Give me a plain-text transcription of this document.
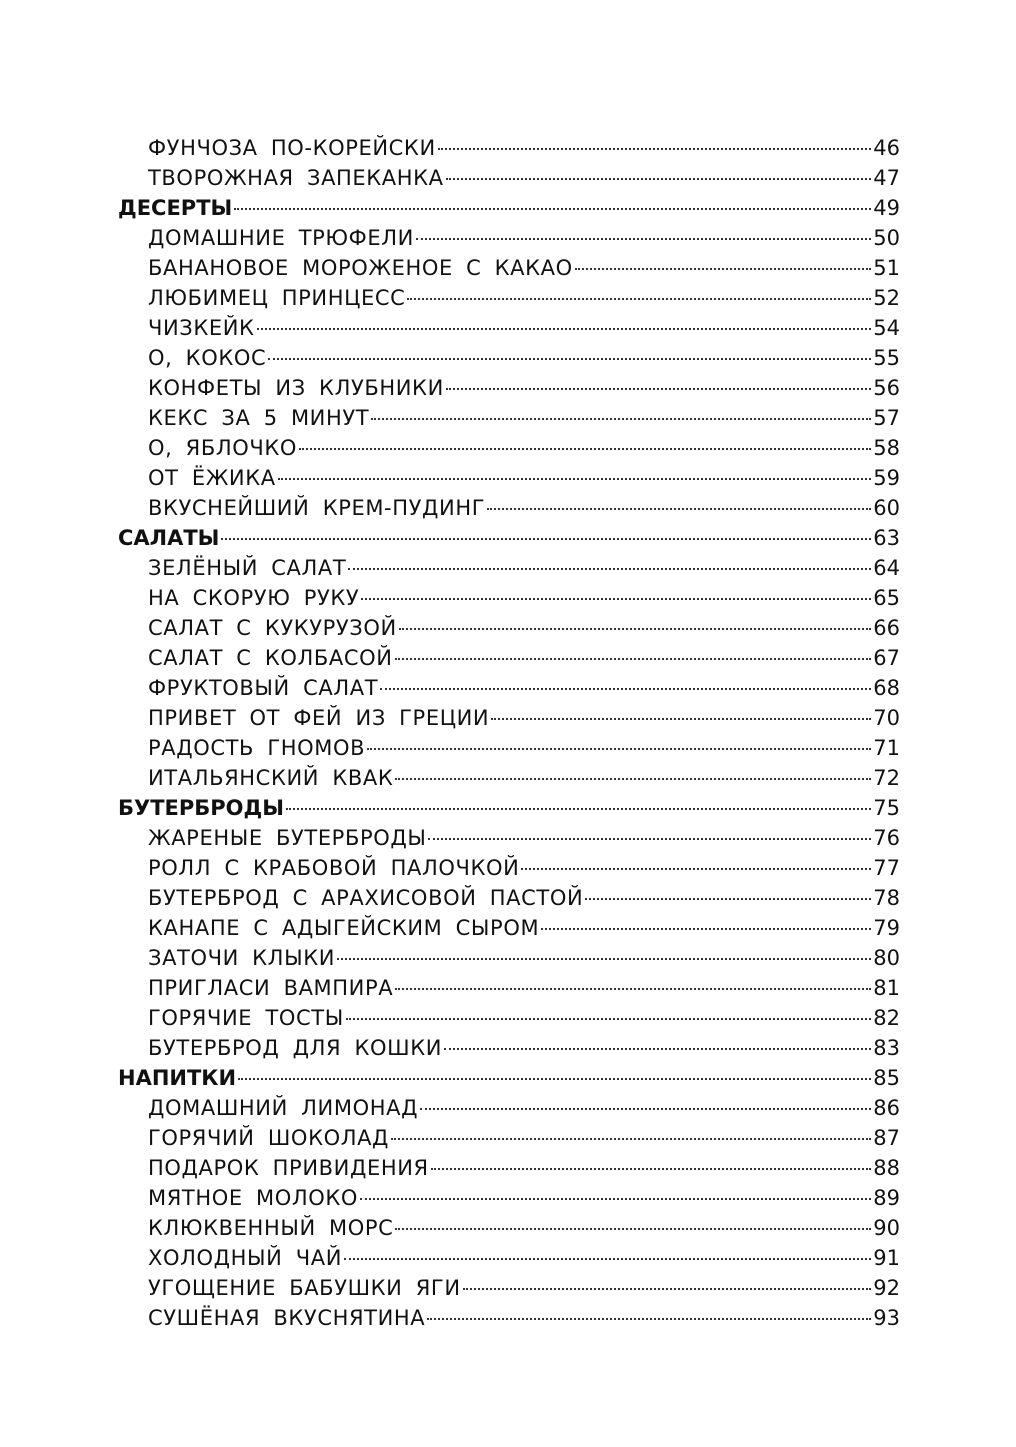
ФУНЧОЗА ПО-КОРЕЙСКИ	46
ТВОРОЖНАЯ ЗАПЕКАНКА	47
ДЕСЕРТЫ	49
ДОМАШНИЕ ТРЮФЕЛИ	50
БАНАНОВОЕ МОРОЖЕНОЕ С КАКАО	51
ЛЮБИМЕЦ ПРИНЦЕСС	52
ЧИЗКЕЙК	54
О, КОКОС	55
КОНФЕТЫ ИЗ КЛУБНИКИ	56
КЕКС ЗА 5 МИНУТ	57
О, ЯБЛОЧКО	58
ОТ ЁЖИКА	59
ВКУСНЕЙШИЙ КРЕМ-ПУДИНГ	60
САЛАТЫ	63
ЗЕЛЁНЫЙ САЛАТ	64
НА СКОРУЮ РУКУ	65
САЛАТ С КУКУРУЗОЙ	66
САЛАТ С КОЛБАСОЙ	67
ФРУКТОВЫЙ САЛАТ	68
ПРИВЕТ ОТ ФЕЙ ИЗ ГРЕЦИИ	70
РАДОСТЬ ГНОМОВ	71
ИТАЛЬЯНСКИЙ КВАК	72
БУТЕРБРОДЫ	75
ЖАРЕНЫЕ БУТЕРБРОДЫ	76
РОЛЛ С КРАБОВОЙ ПАЛОЧКОЙ	77
БУТЕРБРОД С АРАХИСОВОЙ ПАСТОЙ	78
КАНАПЕ С АДЫГЕЙСКИМ СЫРОМ	79
ЗАТОЧИ КЛЫКИ	80
ПРИГЛАСИ ВАМПИРА	81
ГОРЯЧИЕ ТОСТЫ	82
БУТЕРБРОД ДЛЯ КОШКИ	83
НАПИТКИ	85
ДОМАШНИЙ ЛИМОНАД	86
ГОРЯЧИЙ ШОКОЛАД	87
ПОДАРОК ПРИВИДЕНИЯ	88
МЯТНОЕ МОЛОКО	89
КЛЮКВЕННЫЙ МОРС	90
ХОЛОДНЫЙ ЧАЙ	91
УГОЩЕНИЕ БАБУШКИ ЯГИ	92
СУШЁНАЯ ВКУСНЯТИНА	93
